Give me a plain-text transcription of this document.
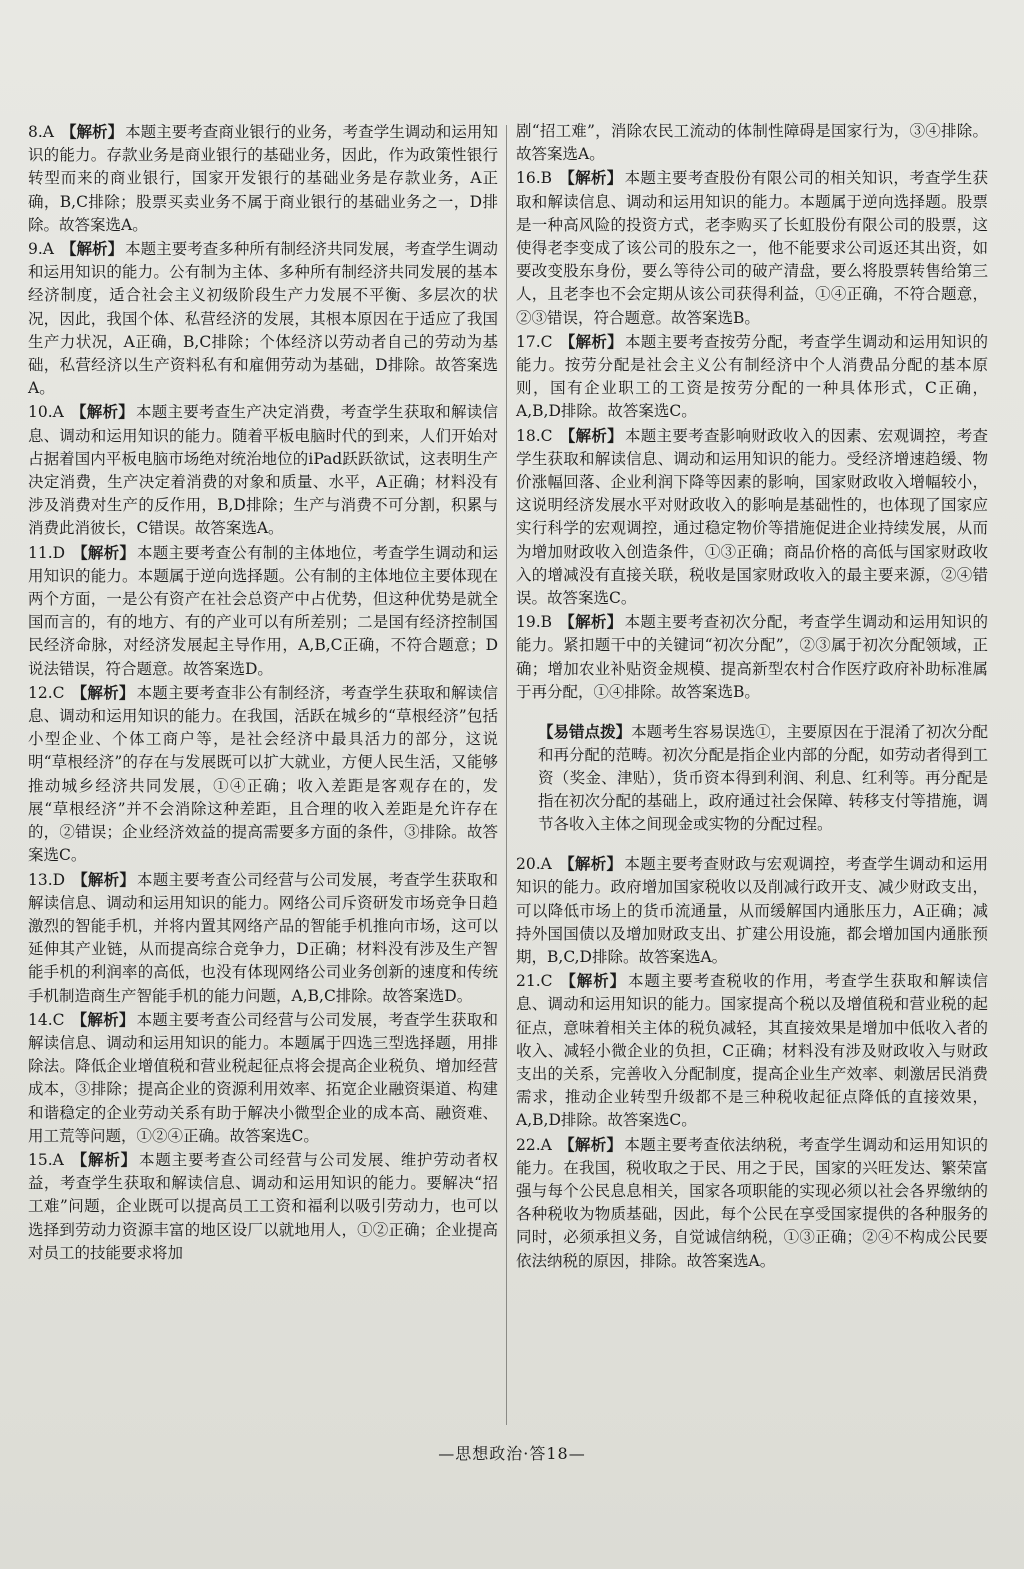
8.A 【解析】 本题主要考查商业银行的业务，考查学生调动和运用知识的能力。存款业务是商业银行的基础业务，因此，作为政策性银行转型而来的商业银行，国家开发银行的基础业务是存款业务，A正确，B,C排除；股票买卖业务不属于商业银行的基础业务之一，D排除。故答案选A。

9.A 【解析】 本题主要考查多种所有制经济共同发展，考查学生调动和运用知识的能力。公有制为主体、多种所有制经济共同发展的基本经济制度，适合社会主义初级阶段生产力发展不平衡、多层次的状况，因此，我国个体、私营经济的发展，其根本原因在于适应了我国生产力状况，A正确，B,C排除；个体经济以劳动者自己的劳动为基础，私营经济以生产资料私有和雇佣劳动为基础，D排除。故答案选A。

10.A 【解析】 本题主要考查生产决定消费，考查学生获取和解读信息、调动和运用知识的能力。随着平板电脑时代的到来，人们开始对占据着国内平板电脑市场绝对统治地位的iPad跃跃欲试，这表明生产决定消费，生产决定着消费的对象和质量、水平，A正确；材料没有涉及消费对生产的反作用，B,D排除；生产与消费不可分割，积累与消费此消彼长，C错误。故答案选A。

11.D 【解析】 本题主要考查公有制的主体地位，考查学生调动和运用知识的能力。本题属于逆向选择题。公有制的主体地位主要体现在两个方面，一是公有资产在社会总资产中占优势，但这种优势是就全国而言的，有的地方、有的产业可以有所差别；二是国有经济控制国民经济命脉，对经济发展起主导作用，A,B,C正确，不符合题意；D说法错误，符合题意。故答案选D。

12.C 【解析】 本题主要考查非公有制经济，考查学生获取和解读信息、调动和运用知识的能力。在我国，活跃在城乡的“草根经济”包括小型企业、个体工商户等，是社会经济中最具活力的部分，这说明“草根经济”的存在与发展既可以扩大就业，方便人民生活，又能够推动城乡经济共同发展，①④正确；收入差距是客观存在的，发展“草根经济”并不会消除这种差距，且合理的收入差距是允许存在的，②错误；企业经济效益的提高需要多方面的条件，③排除。故答案选C。

13.D 【解析】 本题主要考查公司经营与公司发展，考查学生获取和解读信息、调动和运用知识的能力。网络公司斥资研发市场竞争日趋激烈的智能手机，并将内置其网络产品的智能手机推向市场，这可以延伸其产业链，从而提高综合竞争力，D正确；材料没有涉及生产智能手机的利润率的高低，也没有体现网络公司业务创新的速度和传统手机制造商生产智能手机的能力问题，A,B,C排除。故答案选D。

14.C 【解析】 本题主要考查公司经营与公司发展，考查学生获取和解读信息、调动和运用知识的能力。本题属于四选三型选择题，用排除法。降低企业增值税和营业税起征点将会提高企业税负、增加经营成本，③排除；提高企业的资源利用效率、拓宽企业融资渠道、构建和谐稳定的企业劳动关系有助于解决小微型企业的成本高、融资难、用工荒等问题，①②④正确。故答案选C。

15.A 【解析】 本题主要考查公司经营与公司发展、维护劳动者权益，考查学生获取和解读信息、调动和运用知识的能力。要解决“招工难”问题，企业既可以提高员工工资和福利以吸引劳动力，也可以选择到劳动力资源丰富的地区设厂以就地用人，①②正确；企业提高对员工的技能要求将加

剧“招工难”，消除农民工流动的体制性障碍是国家行为，③④排除。故答案选A。

16.B 【解析】 本题主要考查股份有限公司的相关知识，考查学生获取和解读信息、调动和运用知识的能力。本题属于逆向选择题。股票是一种高风险的投资方式，老李购买了长虹股份有限公司的股票，这使得老李变成了该公司的股东之一，他不能要求公司返还其出资，如要改变股东身份，要么等待公司的破产清盘，要么将股票转售给第三人，且老李也不会定期从该公司获得利益，①④正确，不符合题意，②③错误，符合题意。故答案选B。

17.C 【解析】 本题主要考查按劳分配，考查学生调动和运用知识的能力。按劳分配是社会主义公有制经济中个人消费品分配的基本原则，国有企业职工的工资是按劳分配的一种具体形式，C正确，A,B,D排除。故答案选C。

18.C 【解析】 本题主要考查影响财政收入的因素、宏观调控，考查学生获取和解读信息、调动和运用知识的能力。受经济增速趋缓、物价涨幅回落、企业利润下降等因素的影响，国家财政收入增幅较小，这说明经济发展水平对财政收入的影响是基础性的，也体现了国家应实行科学的宏观调控，通过稳定物价等措施促进企业持续发展，从而为增加财政收入创造条件，①③正确；商品价格的高低与国家财政收入的增减没有直接关联，税收是国家财政收入的最主要来源，②④错误。故答案选C。

19.B 【解析】 本题主要考查初次分配，考查学生调动和运用知识的能力。紧扣题干中的关键词“初次分配”，②③属于初次分配领域，正确；增加农业补贴资金规模、提高新型农村合作医疗政府补助标准属于再分配，①④排除。故答案选B。

【易错点拨】本题考生容易误选①，主要原因在于混淆了初次分配和再分配的范畴。初次分配是指企业内部的分配，如劳动者得到工资（奖金、津贴），货币资本得到利润、利息、红利等。再分配是指在初次分配的基础上，政府通过社会保障、转移支付等措施，调节各收入主体之间现金或实物的分配过程。

20.A 【解析】 本题主要考查财政与宏观调控，考查学生调动和运用知识的能力。政府增加国家税收以及削减行政开支、减少财政支出，可以降低市场上的货币流通量，从而缓解国内通胀压力，A正确；减持外国国债以及增加财政支出、扩建公用设施，都会增加国内通胀预期，B,C,D排除。故答案选A。

21.C 【解析】 本题主要考查税收的作用，考查学生获取和解读信息、调动和运用知识的能力。国家提高个税以及增值税和营业税的起征点，意味着相关主体的税负减轻，其直接效果是增加中低收入者的收入、减轻小微企业的负担，C正确；材料没有涉及财政收入与财政支出的关系，完善收入分配制度，提高企业生产效率、刺激居民消费需求，推动企业转型升级都不是三种税收起征点降低的直接效果，A,B,D排除。故答案选C。

22.A 【解析】 本题主要考查依法纳税，考查学生调动和运用知识的能力。在我国，税收取之于民、用之于民，国家的兴旺发达、繁荣富强与每个公民息息相关，国家各项职能的实现必须以社会各界缴纳的各种税收为物质基础，因此，每个公民在享受国家提供的各种服务的同时，必须承担义务，自觉诚信纳税，①③正确；②④不构成公民要依法纳税的原因，排除。故答案选A。

—思想政治·答18—
